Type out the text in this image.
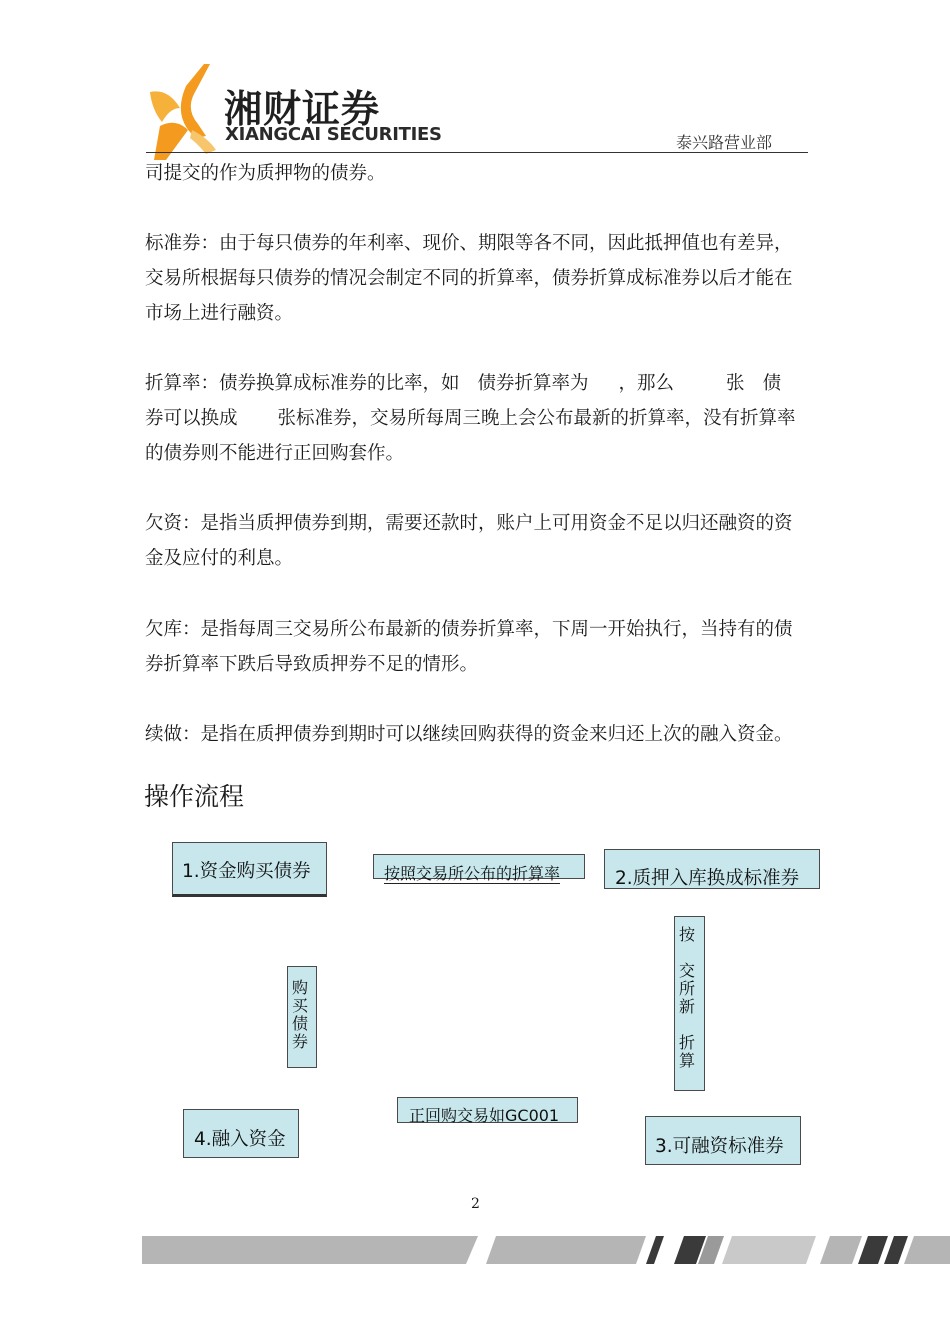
湘财证券
XIANGCAI SECURITIES	泰兴路营业部

司提交的作为质押物的债券。

标准券：由于每只债券的年利率、现价、期限等各不同，因此抵押值也有差异，交易所根据每只债券的情况会制定不同的折算率，债券折算成标准券以后才能在市场上进行融资。

折算率：债券换算成标准券的比率，如 债券折算率为 ，那么	张 债
券可以换成 张标准券，交易所每周三晚上会公布最新的折算率，没有折算率的债券则不能进行正回购套作。

欠资：是指当质押债券到期，需要还款时，账户上可用资金不足以归还融资的资金及应付的利息。

欠库：是指每周三交易所公布最新的债券折算率，下周一开始执行，当持有的债券折算率下跌后导致质押券不足的情形。

续做：是指在质押债券到期时可以继续回购获得的资金来归还上次的融入资金。

操作流程
1.资金购买债券	按照交易所公布的折算率	2.质押入库换成标准券
购
买
债
券
按
交
所
新
折
算
正回购交易如GC001
4.融入资金	3.可融资标准券
2
